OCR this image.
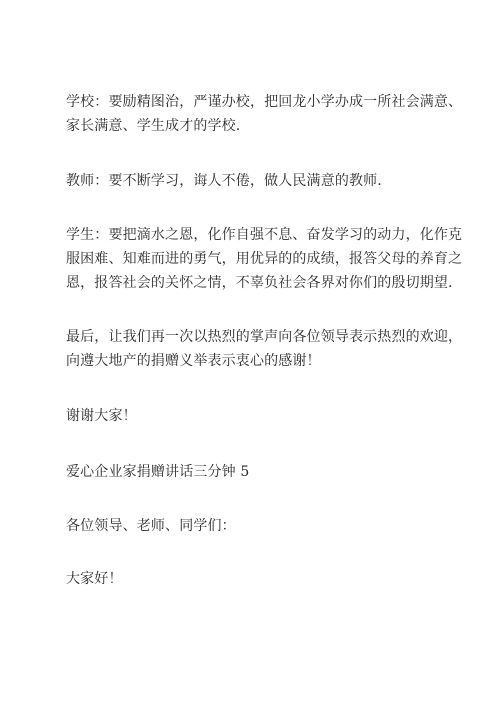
学校：要励精图治，严谨办校，把回龙小学办成一所社会满意、
家长满意、学生成才的学校.
教师：要不断学习，诲人不倦，做人民满意的教师.
学生：要把滴水之恩，化作自强不息、奋发学习的动力，化作克
服困难、知难而进的勇气，用优异的的成绩，报答父母的养育之
恩，报答社会的关怀之情，不辜负社会各界对你们的殷切期望.
最后，让我们再一次以热烈的掌声向各位领导表示热烈的欢迎，
向遵大地产的捐赠义举表示衷心的感谢！
谢谢大家！
爱心企业家捐赠讲话三分钟 5
各位领导、老师、同学们：
大家好！
